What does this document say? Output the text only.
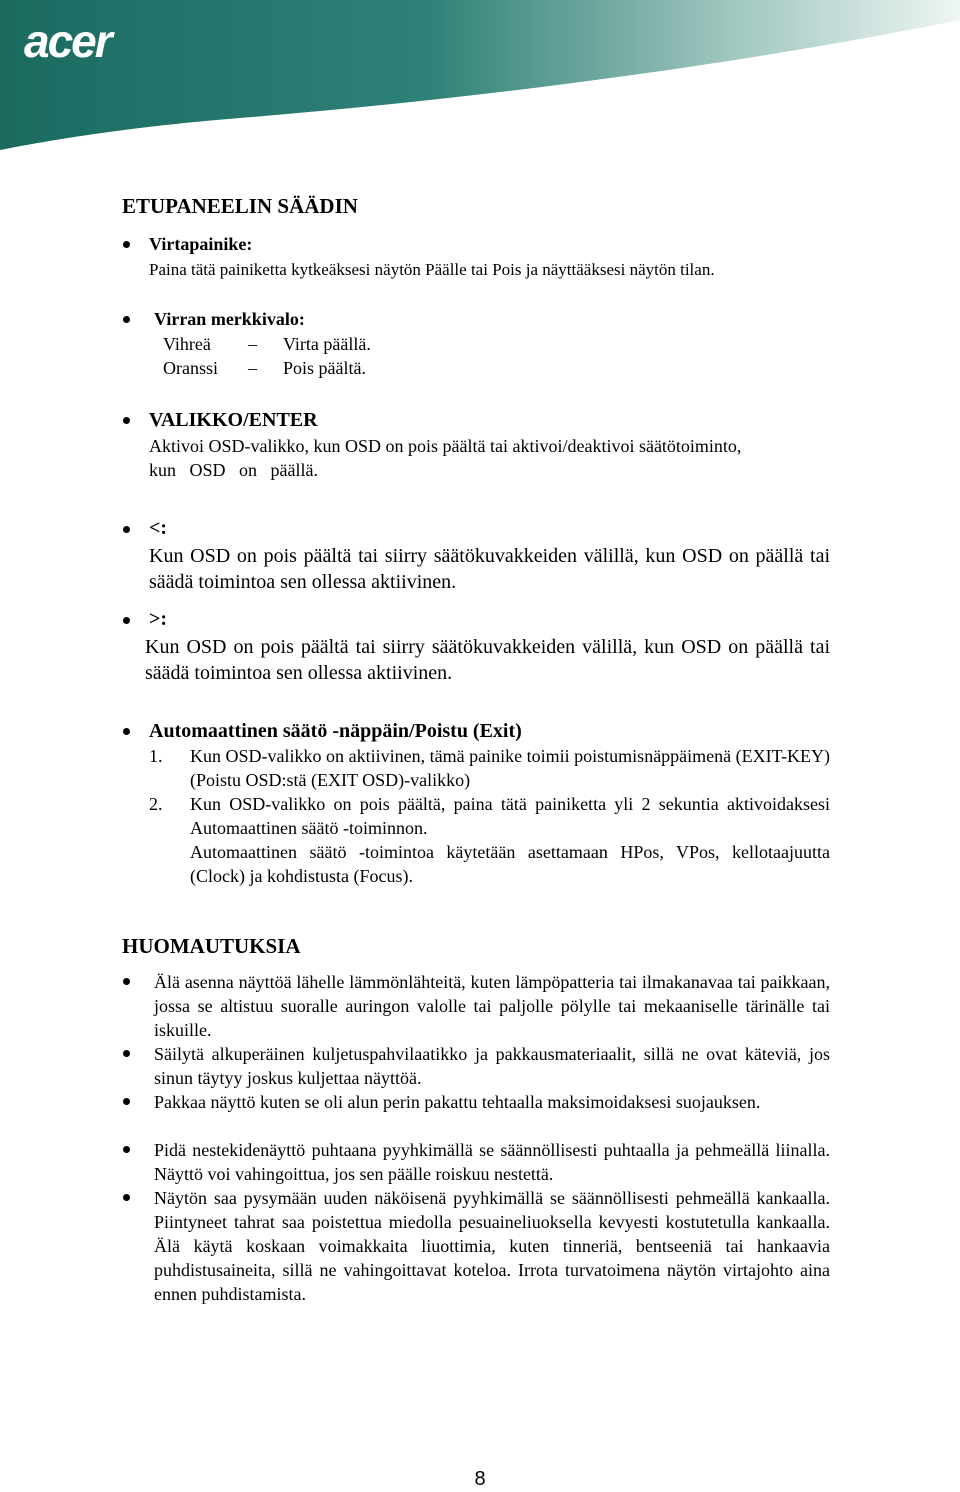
acer
ETUPANEELIN SÄÄDIN
Virtapainike:
Paina tätä painiketta kytkeäksesi näytön Päälle tai Pois ja näyttääksesi näytön tilan.
Virran merkkivalo:
Vihreä – Virta päällä.
Oranssi – Pois päältä.
VALIKKO/ENTER
Aktivoi OSD-valikko, kun OSD on pois päältä tai aktivoi/deaktivoi säätötoiminto,
kun   OSD   on   päällä.
<:
Kun OSD on pois päältä tai siirry säätökuvakkeiden välillä, kun OSD on päällä tai säädä toimintoa sen ollessa aktiivinen.
>:
Kun OSD on pois päältä tai siirry säätökuvakkeiden välillä, kun OSD on päällä tai säädä toimintoa sen ollessa aktiivinen.
Automaattinen säätö -näppäin/Poistu (Exit)
1. Kun OSD-valikko on aktiivinen, tämä painike toimii poistumisnäppäimenä (EXIT-KEY) (Poistu OSD:stä (EXIT OSD)-valikko)
2. Kun OSD-valikko on pois päältä, paina tätä painiketta yli 2 sekuntia aktivoidaksesi Automaattinen säätö -toiminnon.
Automaattinen säätö -toimintoa käytetään asettamaan HPos, VPos, kellotaajuutta (Clock) ja kohdistusta (Focus).
HUOMAUTUKSIA
Älä asenna näyttöä lähelle lämmönlähteitä, kuten lämpöpatteria tai ilmakanavaa tai paikkaan, jossa se altistuu suoralle auringon valolle tai paljolle pölylle tai mekaaniselle tärinälle tai iskuille.
Säilytä alkuperäinen kuljetuspahvilaatikko ja pakkausmateriaalit, sillä ne ovat käteviä, jos sinun täytyy joskus kuljettaa näyttöä.
Pakkaa näyttö kuten se oli alun perin pakattu tehtaalla maksimoidaksesi suojauksen.
Pidä nestekidenäyttö puhtaana pyyhkimällä se säännöllisesti puhtaalla ja pehmeällä liinalla. Näyttö voi vahingoittua, jos sen päälle roiskuu nestettä.
Näytön saa pysymään uuden näköisenä pyyhkimällä se säännöllisesti pehmeällä kankaalla. Piintyneet tahrat saa poistettua miedolla pesuaineliuoksella kevyesti kostutetulla kankaalla. Älä käytä koskaan voimakkaita liuottimia, kuten tinneriä, bentseeniä tai hankaavia puhdistusaineita, sillä ne vahingoittavat koteloa. Irrota turvatoimena näytön virtajohto aina ennen puhdistamista.
8
